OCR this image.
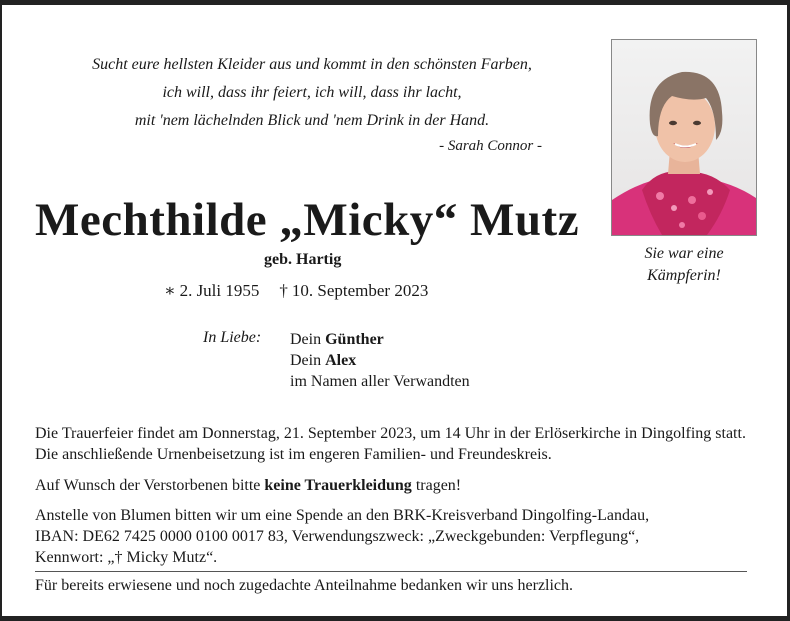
Sucht eure hellsten Kleider aus und kommt in den schönsten Farben,
ich will, dass ihr feiert, ich will, dass ihr lacht,
mit 'nem lächelnden Blick und 'nem Drink in der Hand.
- Sarah Connor -
Mechthilde „Micky“ Mutz
geb. Hartig
∗ 2. Juli 1955 † 10. September 2023
Sie war eine
Kämpferin!
In Liebe: Dein Günther
Dein Alex
im Namen aller Verwandten
Die Trauerfeier findet am Donnerstag, 21. September 2023, um 14 Uhr in der Erlöserkirche in Dingolfing statt. Die anschließende Urnenbeisetzung ist im engeren Familien- und Freundeskreis.
Auf Wunsch der Verstorbenen bitte keine Trauerkleidung tragen!
Anstelle von Blumen bitten wir um eine Spende an den BRK-Kreisverband Dingolfing-Landau,
IBAN: DE62 7425 0000 0100 0017 83, Verwendungszweck: „Zweckgebunden: Verpflegung“,
Kennwort: „† Micky Mutz“.
Für bereits erwiesene und noch zugedachte Anteilnahme bedanken wir uns herzlich.
